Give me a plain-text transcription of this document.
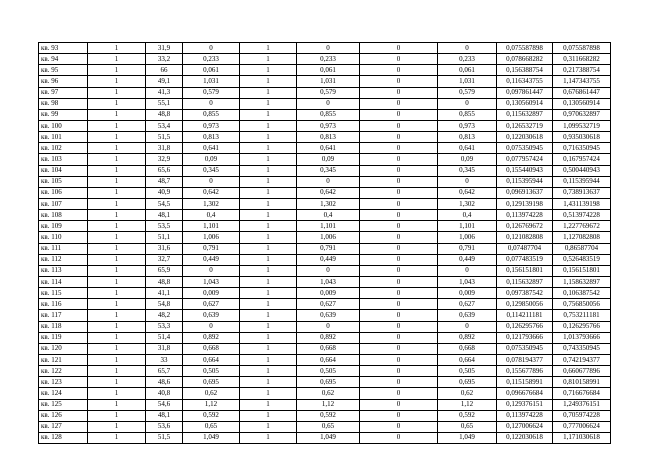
кв. 93	1	31,9	0	1	0	0	0	0,075587898	0,075587898
кв. 94	1	33,2	0,233	1	0,233	0	0,233	0,078668282	0,311668282
кв. 95	1	66	0,061	1	0,061	0	0,061	0,156388754	0,217388754
кв. 96	1	49,1	1,031	1	1,031	0	1,031	0,116343755	1,147343755
кв. 97	1	41,3	0,579	1	0,579	0	0,579	0,097861447	0,676861447
кв. 98	1	55,1	0	1	0	0	0	0,130560914	0,130560914
кв. 99	1	48,8	0,855	1	0,855	0	0,855	0,115632897	0,970632897
кв. 100	1	53,4	0,973	1	0,973	0	0,973	0,126532719	1,099532719
кв. 101	1	51,5	0,813	1	0,813	0	0,813	0,122030618	0,935030618
кв. 102	1	31,8	0,641	1	0,641	0	0,641	0,075350945	0,716350945
кв. 103	1	32,9	0,09	1	0,09	0	0,09	0,077957424	0,167957424
кв. 104	1	65,6	0,345	1	0,345	0	0,345	0,155440943	0,500440943
кв. 105	1	48,7	0	1	0	0	0	0,115395944	0,115395944
кв. 106	1	40,9	0,642	1	0,642	0	0,642	0,096913637	0,738913637
кв. 107	1	54,5	1,302	1	1,302	0	1,302	0,129139198	1,431139198
кв. 108	1	48,1	0,4	1	0,4	0	0,4	0,113974228	0,513974228
кв. 109	1	53,5	1,101	1	1,101	0	1,101	0,126769672	1,227769672
кв. 110	1	51,1	1,006	1	1,006	0	1,006	0,121082808	1,127082808
кв. 111	1	31,6	0,791	1	0,791	0	0,791	0,07487704	0,86587704
кв. 112	1	32,7	0,449	1	0,449	0	0,449	0,077483519	0,526483519
кв. 113	1	65,9	0	1	0	0	0	0,156151801	0,156151801
кв. 114	1	48,8	1,043	1	1,043	0	1,043	0,115632897	1,158632897
кв. 115	1	41,1	0,009	1	0,009	0	0,009	0,097387542	0,106387542
кв. 116	1	54,8	0,627	1	0,627	0	0,627	0,129850056	0,756850056
кв. 117	1	48,2	0,639	1	0,639	0	0,639	0,114211181	0,753211181
кв. 118	1	53,3	0	1	0	0	0	0,126295766	0,126295766
кв. 119	1	51,4	0,892	1	0,892	0	0,892	0,121793666	1,013793666
кв. 120	1	31,8	0,668	1	0,668	0	0,668	0,075350945	0,743350945
кв. 121	1	33	0,664	1	0,664	0	0,664	0,078194377	0,742194377
кв. 122	1	65,7	0,505	1	0,505	0	0,505	0,155677896	0,660677896
кв. 123	1	48,6	0,695	1	0,695	0	0,695	0,115158991	0,810158991
кв. 124	1	40,8	0,62	1	0,62	0	0,62	0,096676684	0,716676684
кв. 125	1	54,6	1,12	1	1,12	0	1,12	0,129376151	1,249376151
кв. 126	1	48,1	0,592	1	0,592	0	0,592	0,113974228	0,705974228
кв. 127	1	53,6	0,65	1	0,65	0	0,65	0,127006624	0,777006624
кв. 128	1	51,5	1,049	1	1,049	0	1,049	0,122030618	1,171030618
